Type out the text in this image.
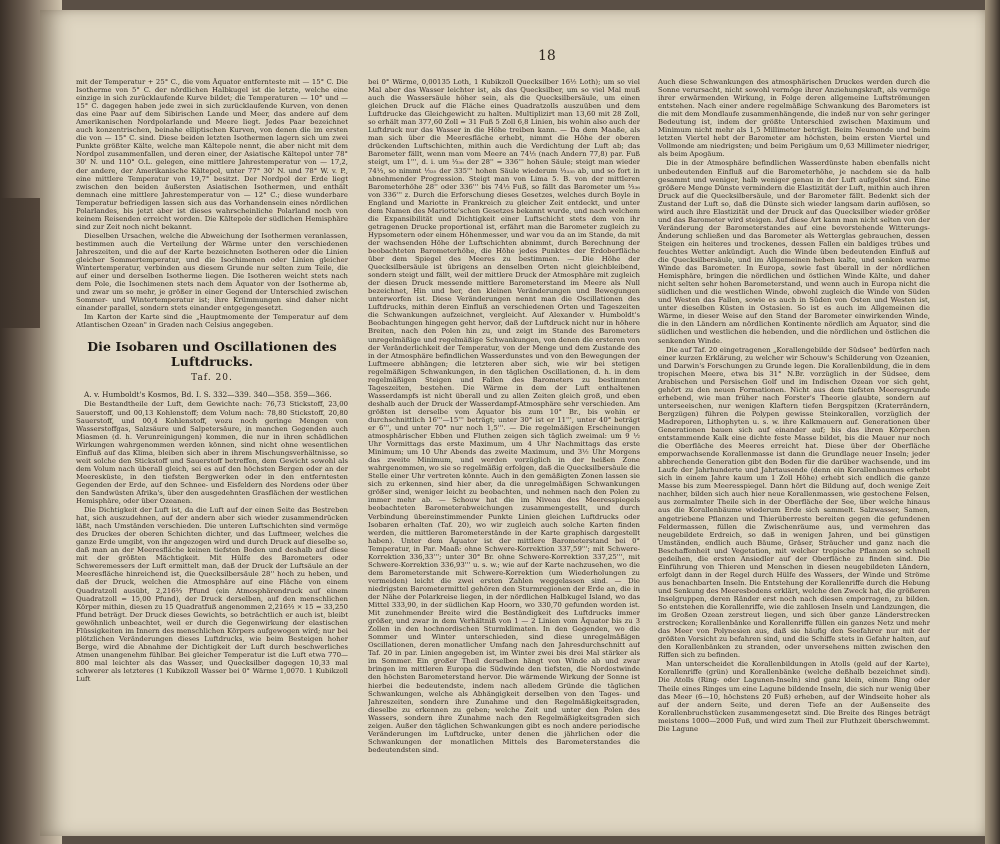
18

mit der Temperatur + 25° C., die vom Äquator entfernteste mit — 15° C. Die Isotherme von 5° C. der nördlichen Halbkugel ist die letzte, welche eine einzige in sich zurücklaufende Kurve bildet; die Temperaturen — 10° und — 15° C. dagegen haben jede zwei in sich zurücklaufende Kurven, von denen das eine Paar auf dem Sibirischen Lande und Meer, das andere auf dem Amerikanischen Nordpolarlande und Meere liegt. Jedes Paar bezeichnet auch konzentrischen, beinahe elliptischen Kurven, von denen die im ersten die von — 15° C. sind. Diese beiden letzten Isothermen lagern sich um zwei Punkte größter Kälte, welche man Kältepole nennt, die aber nicht mit dem Nordpol zusammenfallen, und deren einer, der Asiatische Kältepol unter 78° 30' N. und 110° O.L. gelegen, eine mittlere Jahrestemperatur von — 17,2, der andere, der Amerikanische Kältepol, unter 77° 30' N. und 78° W. v. P., eine mittlere Temperatur von 19,7° besitzt. Der Nordpol der Erde liegt zwischen den beiden äußersten Asiatischen Isothermen, und enthält demnach eine mittlere Jahrestemperatur von — 12° C.; diese wunderbare Temperatur befriedigen lassen sich aus das Vorhandensein eines nördlichen Polarlandes, bis jetzt aber ist dieses wahrscheinliche Polarland noch von keinem Reisenden erreicht worden. Die Kältepole der südlichen Hemisphäre sind zur Zeit noch nicht bekannt.

Dieselben Ursachen, welche die Abweichung der Isothermen veranlassen, bestimmen auch die Verteilung der Wärme unter den verschiedenen Jahreszeiten, und die auf der Karte bezeichneten Isotheren oder die Linien gleicher Sommertemperatur, und die Isochimenen oder Linien gleicher Wintertemperatur, verbinden aus diesem Grunde nur selten zum Teile, die auf einer und derselben Isotherme liegen. Die Isotheren weicht stets nach dem Pole, die Isochimenen stets nach dem Äquator von der Isotherme ab, und zwar um so mehr, je größer in einer Gegend der Unterschied zwischen Sommer- und Wintertemperatur ist; ihre Krümmungen sind daher nicht einander parallel, sondern stets einander entgegengesetzt.

Im Karton der Karte sind die „Hauptmomente der Temperatur auf dem Atlantischen Ozean" in Graden nach Celsius angegeben.

Die Isobaren und Oscillationen des Luftdrucks.
Taf. 20.

A. v. Humboldt's Kosmos, Bd. I. S. 332—339. 340—358. 359—366.

Die Bestandtheile der Luft, dem Gewichte nach: 76,73 Stickstoff, 23,00 Sauerstoff, und 00,13 Kohlenstoff; dem Volum nach: 78,80 Stickstoff, 20,80 Sauerstoff, und 00,4 Kohlenstoff, wozu noch geringe Mengen von Wasserstoffgas, Salzsäure und Salpetersäure, in manchen Gegenden auch Miasmen (d. h. Verunreinigungen) kommen, die nur in ihren schädlichen Wirkungen wahrgenommen werden können, sind nicht ohne wesentlichen Einfluß auf das Klima, bleiben sich aber in ihrem Mischungsverhältnisse, so weit solche den Stickstoff und Sauerstoff betreffen, dem Gewicht sowohl als dem Volum nach überall gleich, sei es auf den höchsten Bergen oder an der Meeresküste, in den tiefsten Bergwerken oder in den entferntesten Gegenden der Erde, auf den Schnee- und Eisfeldern des Nordens oder über den Sandwüsten Afrika's, über den ausgedehnten Grasflächen der westlichen Hemisphäre, oder über Ozeanen.

Die Dichtigkeit der Luft ist, da die Luft auf der einen Seite das Bestreben hat, sich auszudehnen, auf der andern aber sich wieder zusammendrücken läßt, nach Umständen verschieden. Die unteren Luftschichten sind vermöge des Druckes der oberen Schichten dichter, und das Luftmeer, welches die ganze Erde umgibt, von ihr angezogen wird und durch Druck auf dieselbe so, daß man an der Meeresfläche keinen tiefsten Boden und deshalb auf diese mit der größten Mächtigkeit. Mit Hülfe des Barometers oder Schweremessers der Luft ermittelt man, daß der Druck der Luftsäule an der Meeresfläche hinreichend ist, die Quecksilbersäule 28'' hoch zu heben, und daß der Druck, welchen die Atmosphäre auf eine Fläche von einem Quadratzoll ausübt, 2,216⅔ Pfund (ein Atmosphärendruck auf einem Quadratzoll = 15,00 Pfund), der Druck derselben, auf den menschlichen Körper mithin, diesen zu 15 Quadratfuß angenommen 2,216⅔ × 15 = 33,250 Pfund beträgt. Der Druck dieses Gewichts, so beträchtlich er auch ist, bleibt gewöhnlich unbeachtet, weil er durch die Gegenwirkung der elastischen Flüssigkeiten im Innern des menschlichen Körpers aufgewogen wird; nur bei plötzlichen Veränderungen dieses Luftdrucks, wie beim Besteigen hoher Berge, wird die Abnahme der Dichtigkeit der Luft durch beschwerliches Atmen unangenehm fühlbar. Bei gleicher Temperatur ist die Luft etwa 770—800 mal leichter als das Wasser, und Quecksilber dagegen 10,33 mal schwerer als letzteres (1 Kubikzoll Wasser bei 0° Wärme 1,0070. 1 Kubikzoll Luft

bei 0° Wärme, 0,00135 Loth, 1 Kubikzoll Quecksilber 16½ Loth); um so viel Mal aber das Wasser leichter ist, als das Quecksilber, um so viel Mal muß auch die Wassersäule höher sein, als die Quecksilbersäule, um einen gleichen Druck auf die Fläche eines Quadratzolls auszuüben und dem Luftdrucke das Gleichgewicht zu halten. Multiplizirt man 13,60 mit 28 Zoll, so erhält man 377,60 Zoll = 31 Fuß 5 Zoll 6,8 Linien, bis wohin also auch der Luftdruck nur das Wasser in die Höhe treiben kann. — Da dem Maaße, als man sich über die Meeresfläche erhebt, nimmt die Höhe der oberen drückenden Luftschichten, mithin auch die Verdichtung der Luft ab; das Barometer fällt, wenn man vom Meere an 74⅓ (nach Andern 77,8) par. Fuß steigt, um 1''', d. i. um ⅓₃₆ der 28'' = 336''' hohen Säule; steigt man wieder 74⅓, so nimmt ⅓₃₅ der 335''' hohen Säule wiederum ⅓₃₃₅ ab, und so fort in abnehmender Progression. Steigt man von Lima 5. B. von der mittleren Barometerhöhe 28'' oder 336''' bis 74⅓ Fuß, so fällt das Barometer um ⅓₃₆ von 336''' z. Durch die Erforschung dieses Gesetzes, welches durch Boyle in England und Mariotte in Frankreich zu gleicher Zeit entdeckt, und unter dem Namen des Mariotte'schen Gesetzes bekannt wurde, und nach welchem die Expansibilität und Dichtigkeit einer Luftschicht stets dem von ihr getragenen Drucke proportional ist, erfährt man die Barometer zugleich zu Hypsometern oder einem Höhenmesser, und war vou da an im Stande, da mit der wachsenden Höhe der Luftschichten abnimmt, durch Berechnung der beobachteten Barometerhöhe, die Höhe jedes Punktes der Erdoberfläche über dem Spiegel des Meeres zu bestimmen. — Die Höhe der Quecksilbersäule ist übrigens an denselben Orten nicht gleichbleibend, sondern steigt und fällt, weil der mittlere Druck der Atmosphäre mit zugleich der diesen Druck messende mittlere Barometerstand im Meere als Null bezeichnet, Hin und her, den kleinen Veränderungen und Bewegungen unterworfen ist. Diese Veränderungen nennt man die Oscillationen des Luftdrucks, mithin deren Einfluß an verschiedenen Orten und Tageszeiten die Schwankungen aufzeichnet, vergleicht. Auf Alexander v. Humboldt's Beobachtungen hingegen geht hervor, daß der Luftdruck nicht nur in höhere Breiten, nach den Polen hin zu, und zeigt im Stande des Barometers unregelmäßige und regelmäßige Schwankungen, von denen die ersteren von der Veränderlichkeit der Temperatur, von der Menge und dem Zustande des in der Atmosphäre befindlichen Wasserdunstes und von den Bewegungen der Luftmeere abhängen; die letzteren aber sich, wie wir bei stetigen regelmäßigen Schwankungen, in den täglichen Oscillationen, d. h. in dem regelmäßigen Steigen und Fallen des Barometers zu bestimmten Tageszeiten, bestehen. Die Wärme in dem der Luft enthaltenen Wasserdampfs ist nicht überall und zu allen Zeiten gleich groß, und eben deshalb auch der Druck der Wasserdampf-Atmosphäre sehr verschieden. Am größten ist derselbe vom Äquator bis zum 10° Br., bis wohin er durchschnittlich 16'''—15''' beträgt; unter 30° ist er 11''', unter 40° beträgt er 6''', und unter 70° nur noch 1,5'''. — Die regelmäßigen Erscheinungen atmosphärischer Ebben und Fluthen zeigen sich täglich zweimal: um 9 ½ Uhr Vormittags das erste Maximum, um 4 Uhr Nachmittags das erste Minimum; um 10 Uhr Abends das zweite Maximum, und 3½ Uhr Morgens das zweite Minimum, und werden vorzüglich in der heißen Zone wahrgenommen, wo sie so regelmäßig erfolgen, daß die Quecksilbersäule die Stelle einer Uhr vertreten könnte. Auch in den gemäßigten Zonen lassen sie sich zu erkennen, sind hier aber, da die unregelmäßigen Schwankungen größer sind, weniger leicht zu beobachten, und nehmen nach den Polen zu immer mehr ab. — Schouw hat die im Niveau des Meeresspiegels beobachteten Barometerabweichungen zusammengestellt, und durch Verbindung übereinstimmender Punkte Linien gleichen Luftdrucks oder Isobaren erhalten (Taf. 20), wo wir zugleich auch solche Karten finden werden, die mittleren Barometerstände in der Karte graphisch dargestellt haben). Unter dem Äquator ist der mittlere Barometerstand bei 0° Temperatur, in Par. Maaß: ohne Schwere-Korrektion 337,59'''; mit Schwere-Korrektion 336,33'''; unter 30° Br. ohne Schwere-Korrektion 337,25''', mit Schwere-Korrektion 336,93''' u. s. w.; wie auf der Karte nachzusehen, wo die dem Barometerstande mit Schwere-Korrektion (um Wiederholungen zu vermeiden) leicht die zwei ersten Zahlen weggelassen sind. — Die niedrigsten Barometermittel gehören den Sturmregionen der Erde an, die in der Nähe der Polarkreise liegen, in der nördlichen Halbkugel Island, wo das Mittel 333,90, in der südlichen Kap Hoorn, wo 330,70 gefunden worden ist. Mit zunehmender Breite wird die Beständigkeit des Luftdrucks immer größer, und zwar in dem Verhältniß von 1 — 2 Linien vom Äquator bis zu 3 Zollen in den hochnordischen Sturmklimaten. In den Gegenden, wo die Sommer und Winter unterschieden, sind diese unregelmäßigen Oscillationen, deren monatlicher Umfang nach den Jahresdurchschnitt auf Taf. 20 in par. Linien angegeben ist, im Winter zwei bis drei Mal stärker als im Sommer. Ein großer Theil derselben hängt von Winde ab und zwar bringen im mittleren Europa die Südwinde den tiefsten, die Nordostwinde den höchsten Barometerstand hervor. Die wärmende Wirkung der Sonne ist hierbei die bedeutendste, indem nach alledem Gründe die täglichen Schwankungen, welche als Abhängigkeit derselben von den Tages- und Jahreszeiten, sondern ihre Zunahme und den Regelmäßigkeitsgraden, dieselbe zu erkennen zu geben; welche Zeit und unter den Polen des Wassers, sondern ihre Zunahme nach den Regelmäßigkeitsgraden sich zeigen. Außer den täglichen Schwankungen gibt es noch andere periodische Veränderungen im Luftdrucke, unter denen die jährlichen oder die Schwankungen der monatlichen Mittels des Barometerstandes die bedeutendsten sind.

Auch diese Schwankungen des atmosphärischen Druckes werden durch die Sonne verursacht, nicht sowohl vermöge ihrer Anziehungskraft, als vermöge ihrer erwärmenden Wirkung, in Folge deren allgemeine Luftströmungen entstehen. Nach einer andere regelmäßige Schwankung des Barometers ist die mit dem Mondlaufe zusammenhängende, die indeß nur von sehr geringer Bedeutung ist, indem der größte Unterschied zwischen Maximum und Minimum nicht mehr als 1,5 Millimeter beträgt. Beim Neumonde und beim letzten Viertel hebt der Barometer am höchsten, beim ersten Viertel und Vollmonde am niedrigsten; und beim Perigäum um 0,63 Millimeter niedriger, als beim Apogäum.

Die in der Atmosphäre befindlichen Wasserdünste haben ebenfalls nicht unbedeutenden Einfluß auf die Barometerhöhe, je nachdem sie da halb gesammt und weniger, halb weniger genau in der Luft aufgelöst sind. Eine größere Menge Dünste vermindern die Elastizität der Luft, mithin auch ihren Druck auf die Quecksilbersäule, und der Barometer fällt. Bedenkt sich der Zustand der Luft so, daß die Dünste sich wieder langsam darin auflösen, so wird auch ihre Elastizität und der Druck auf das Quecksilber wieder größer und das Barometer wird steigen. Auf diese Art kann man nicht selten von der Veränderung der Barometerstandes auf eine bevorstehende Witterungs-Änderung schließen und das Barometer als Wetterglas gebrauchen, dessen Steigen ein heiteres und trockenes, dessen Fallen ein baldiges trübes und feuchtes Wetter ankündigt. Auch die Winde üben bedeutenden Einfluß auf die Quecksilbersäule, und im Allgemeinen heben kalte, und senken warme Winde das Barometer. In Europa, sowie fast überall in der nördlichen Hemisphäre, bringen die nördlichen und östlichen Winde Kälte, und daher nicht selten sehr hohen Barometerstand, und wenn auch in Europa nicht die südlichen und die westlichen Winde, obwohl zugleich die Winde von Süden und Westen das Fallen, sowie es auch in Süden von Osten und Westen ist, unter dieselben Küsten in Ostasien. So ist es auch im Allgemeinen die Wärme, in dieser Weise auf den Stand der Barometer einwirkenden Winde, die in den Ländern am nördlichen Kontinente nördlich am Äquator, sind die südlichen und westlichen die hebenden, und die nördlichen und östlichen die senkenden Winde.

Die auf Taf. 20 eingetragenen „Korallengebilde der Südsee" bedürfen nach einer kurzen Erklärung, zu welcher wir Schouw's Schilderung von Ozeanien, und Darwin's Forschungen zu Grunde legen. Die Korallenbildung, die in dem tropischen Meere, etwa bis 31° N.Br. vorzüglich in der Südsee, dem Arabischen und Persischen Golf und im Indischen Ozean vor sich geht, gehört zu den neuen Formationen. Nicht aus dem tiefsten Meeresgrunde erhebend, wie man früher nach Forster's Theorie glaubte, sondern auf unterseeischen, nur wenigen Klaftern tiefen Bergspitzen (Kraterrändern, Bergzügen) führen die Polypen gewisse Steinkorallen, vorzüglich der Madreporen, Lithophyten u. s. w. ihre Kalkmauern auf. Generationen über Generationen bauen sich auf einander auf; bis das ihren Körperchen entstammende Kalk eine dichte feste Masse bildet, bis die Mauer nur noch die Oberfläche des Meeres erreicht hat. Diese über der Oberfläche emporwachsende Korallenmasse ist dann die Grundlage neuer Inseln; jeder abbrechende Generation gibt den Boden für die darüber wachsende, und im Laufe der Jahrhunderte und Jahrtausende (denn ein Korallenbaumes erhebt sich in einem Jahre kaum um 1 Zoll Höhe) erhebt sich endlich die ganze Masse bis zum Meeresspiegel. Dann hört die Bildung auf, doch wenige Zeit nachher, bilden sich auch hier neue Korallenmassen, wie gestochene Felsen, aus zermalmter Theile sich in der Oberfläche der See, über welche hinaus aus die Korallenbäume wiederum Erde sich sammelt. Salzwasser, Samen, angetriebene Pflanzen und Thierüberreste bereiten gegen die gefundenen Feldermassen, füllen die Zwischenräume aus, und vermehren das neugebildete Erdreich, so daß in wenigen Jahren, und bei günstigen Umständen, endlich auch Bäume, Gräser, Sträucher und ganz nach die Beschaffenheit und Vegetation, mit welcher tropische Pflanzen so schnell gedeihen, die ersten Ansiedler auf der Oberfläche zu finden sind. Die Einführung von Thieren und Menschen in diesen neugebildeten Ländern, erfolgt dann in der Regel durch Hülfe des Wassers, der Winde und Ströme aus benachbarten Inseln. Die Entstehung der Korallenriffe durch die Hebung und Senkung des Meeresbodens erklärt, welche den Zweck hat, die größeren Inselgruppen, deren Ränder erst noch nach diesen emporragen, zu bilden. So entstehen die Korallenriffe, wie die zahllosen Inseln und Landzungen, die im Großen Ozean zerstreut liegen, und sich über ganze Länderstrecken erstrecken; Korallenbänke und Korallenriffe füllen ein ganzes Netz und mehr das Meer von Polynesien aus, daß sie häufig den Seefahrer nur mit der größten Vorsicht zu befahren sind, und die Schiffe stets in Gefahr halten, auf den Korallenbänken zu stranden, oder unversehens mitten zwischen den Riffen sich zu befinden.

Man unterscheidet die Korallenbildungen in Atolls (geld auf der Karte), Korallenriffe (grün) und Korallenbänke (welche deßhalb bezeichnet sind). Die Atolls (Ring- oder Lagunen-Inseln) sind ganz klein, einem Ring oder Theile eines Ringes um eine Lagune bildende Inseln, die sich nur wenig über das Meer (6—10, höchstens 20 Fuß) erheben, auf der Windseite hoher als auf der andern Seite, und deren Tiefe an der Außenseite des Korallenbruchstücken zusammengesetzt sind. Die Breite des Ringes beträgt meistens 1000—2000 Fuß, und wird zum Theil zur Fluthzeit überschwemmt. Die Lagune
